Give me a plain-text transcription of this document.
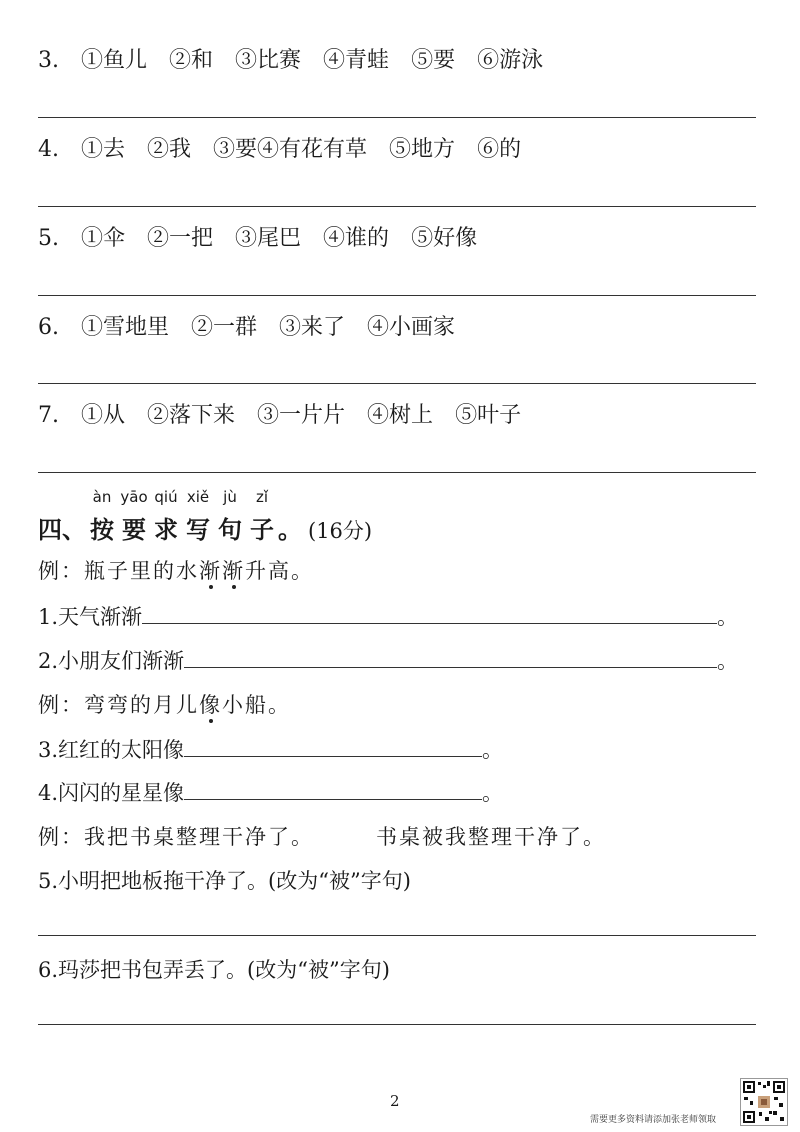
3. ①鱼儿 ②和 ③比赛 ④青蛙 ⑤要 ⑥游泳
4. ①去 ②我 ③要④有花有草 ⑤地方 ⑥的
5. ①伞 ②一把 ③尾巴 ④谁的 ⑤好像
6. ①雪地里 ②一群 ③来了 ④小画家
7. ①从 ②落下来 ③一片片 ④树上 ⑤叶子
四、
àn
按
yāo
要
qiú
求
xiě
写
jù
句
zǐ
子 。 (16分)
例：瓶子里的水渐渐升高。
1.天气渐渐	。
2.小朋友们渐渐	。
例：弯弯的月儿像小船。
3.红红的太阳像	。
4.闪闪的星星像	。
例：我把书桌整理干净了。	书桌被我整理干净了。
5.小明把地板拖干净了。(改为“被”字句)
6.玛莎把书包弄丢了。(改为“被”字句)
2
需要更多资料请添加张老师领取
